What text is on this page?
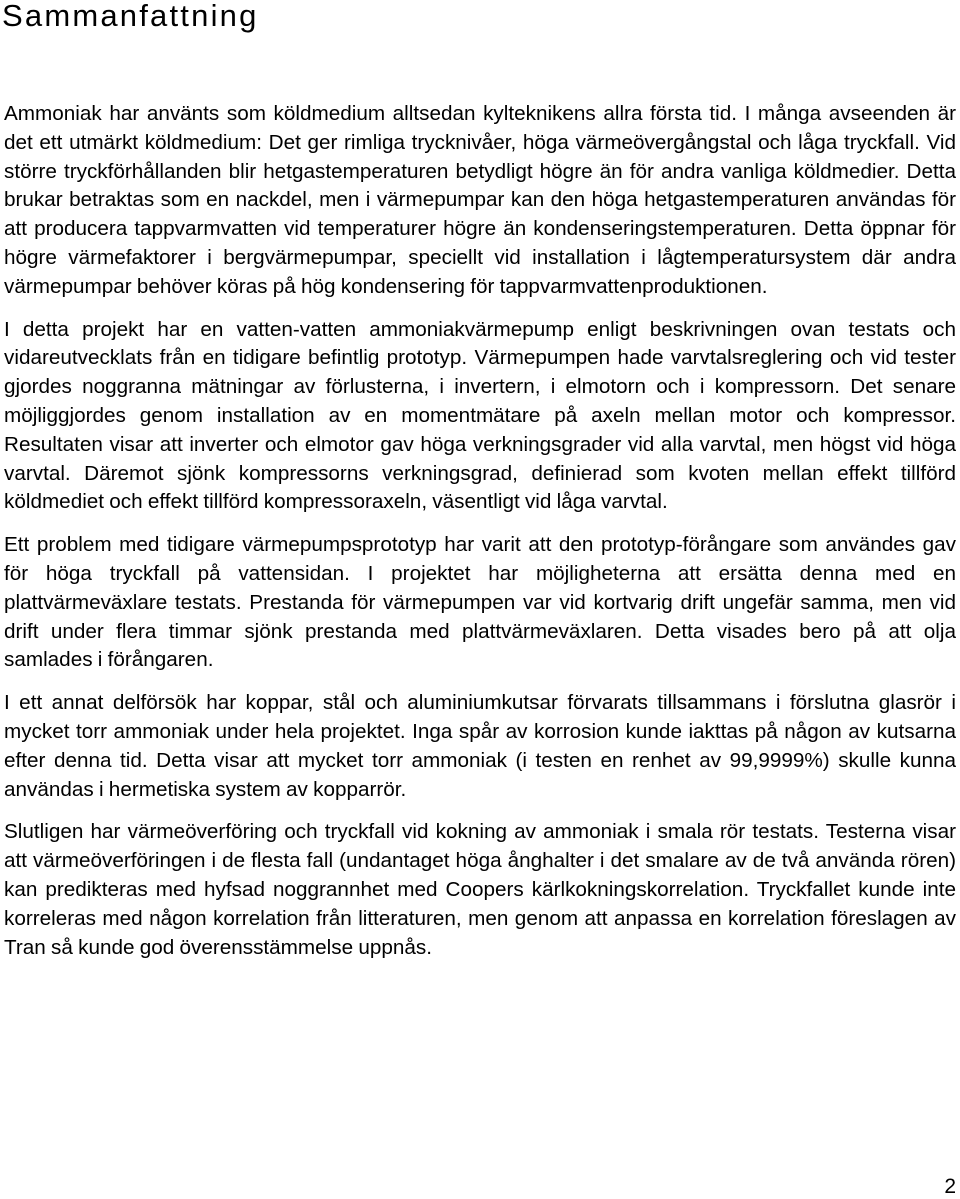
Sammanfattning

Ammoniak har använts som köldmedium alltsedan kylteknikens allra första tid. I många avseenden är det ett utmärkt köldmedium: Det ger rimliga trycknivåer, höga värmeövergångstal och låga tryckfall. Vid större tryckförhållanden blir hetgastemperaturen betydligt högre än för andra vanliga köldmedier. Detta brukar betraktas som en nackdel, men i värmepumpar kan den höga hetgastemperaturen användas för att producera tappvarmvatten vid temperaturer högre än kondenseringstemperaturen. Detta öppnar för högre värmefaktorer i bergvärmepumpar, speciellt vid installation i lågtemperatursystem där andra värmepumpar behöver köras på hög kondensering för tappvarmvattenproduktionen.

I detta projekt har en vatten-vatten ammoniakvärmepump enligt beskrivningen ovan testats och vidareutvecklats från en tidigare befintlig prototyp. Värmepumpen hade varvtalsreglering och vid tester gjordes noggranna mätningar av förlusterna, i invertern, i elmotorn och i kompressorn. Det senare möjliggjordes genom installation av en momentmätare på axeln mellan motor och kompressor. Resultaten visar att inverter och elmotor gav höga verkningsgrader vid alla varvtal, men högst vid höga varvtal. Däremot sjönk kompressorns verkningsgrad, definierad som kvoten mellan effekt tillförd köldmediet och effekt tillförd kompressoraxeln, väsentligt vid låga varvtal.

Ett problem med tidigare värmepumpsprototyp har varit att den prototyp-förångare som användes gav för höga tryckfall på vattensidan. I projektet har möjligheterna att ersätta denna med en plattvärmeväxlare testats. Prestanda för värmepumpen var vid kortvarig drift ungefär samma, men vid drift under flera timmar sjönk prestanda med plattvärmeväxlaren. Detta visades bero på att olja samlades i förångaren.

I ett annat delförsök har koppar, stål och aluminiumkutsar förvarats tillsammans i förslutna glasrör i mycket torr ammoniak under hela projektet. Inga spår av korrosion kunde iakttas på någon av kutsarna efter denna tid. Detta visar att mycket torr ammoniak (i testen en renhet av 99,9999%) skulle kunna användas i hermetiska system av kopparrör.

Slutligen har värmeöverföring och tryckfall vid kokning av ammoniak i smala rör testats. Testerna visar att värmeöverföringen i de flesta fall (undantaget höga ånghalter i det smalare av de två använda rören) kan predikteras med hyfsad noggrannhet med Coopers kärlkokningskorrelation. Tryckfallet kunde inte korreleras med någon korrelation från litteraturen, men genom att anpassa en korrelation föreslagen av Tran så kunde god överensstämmelse uppnås.

2
